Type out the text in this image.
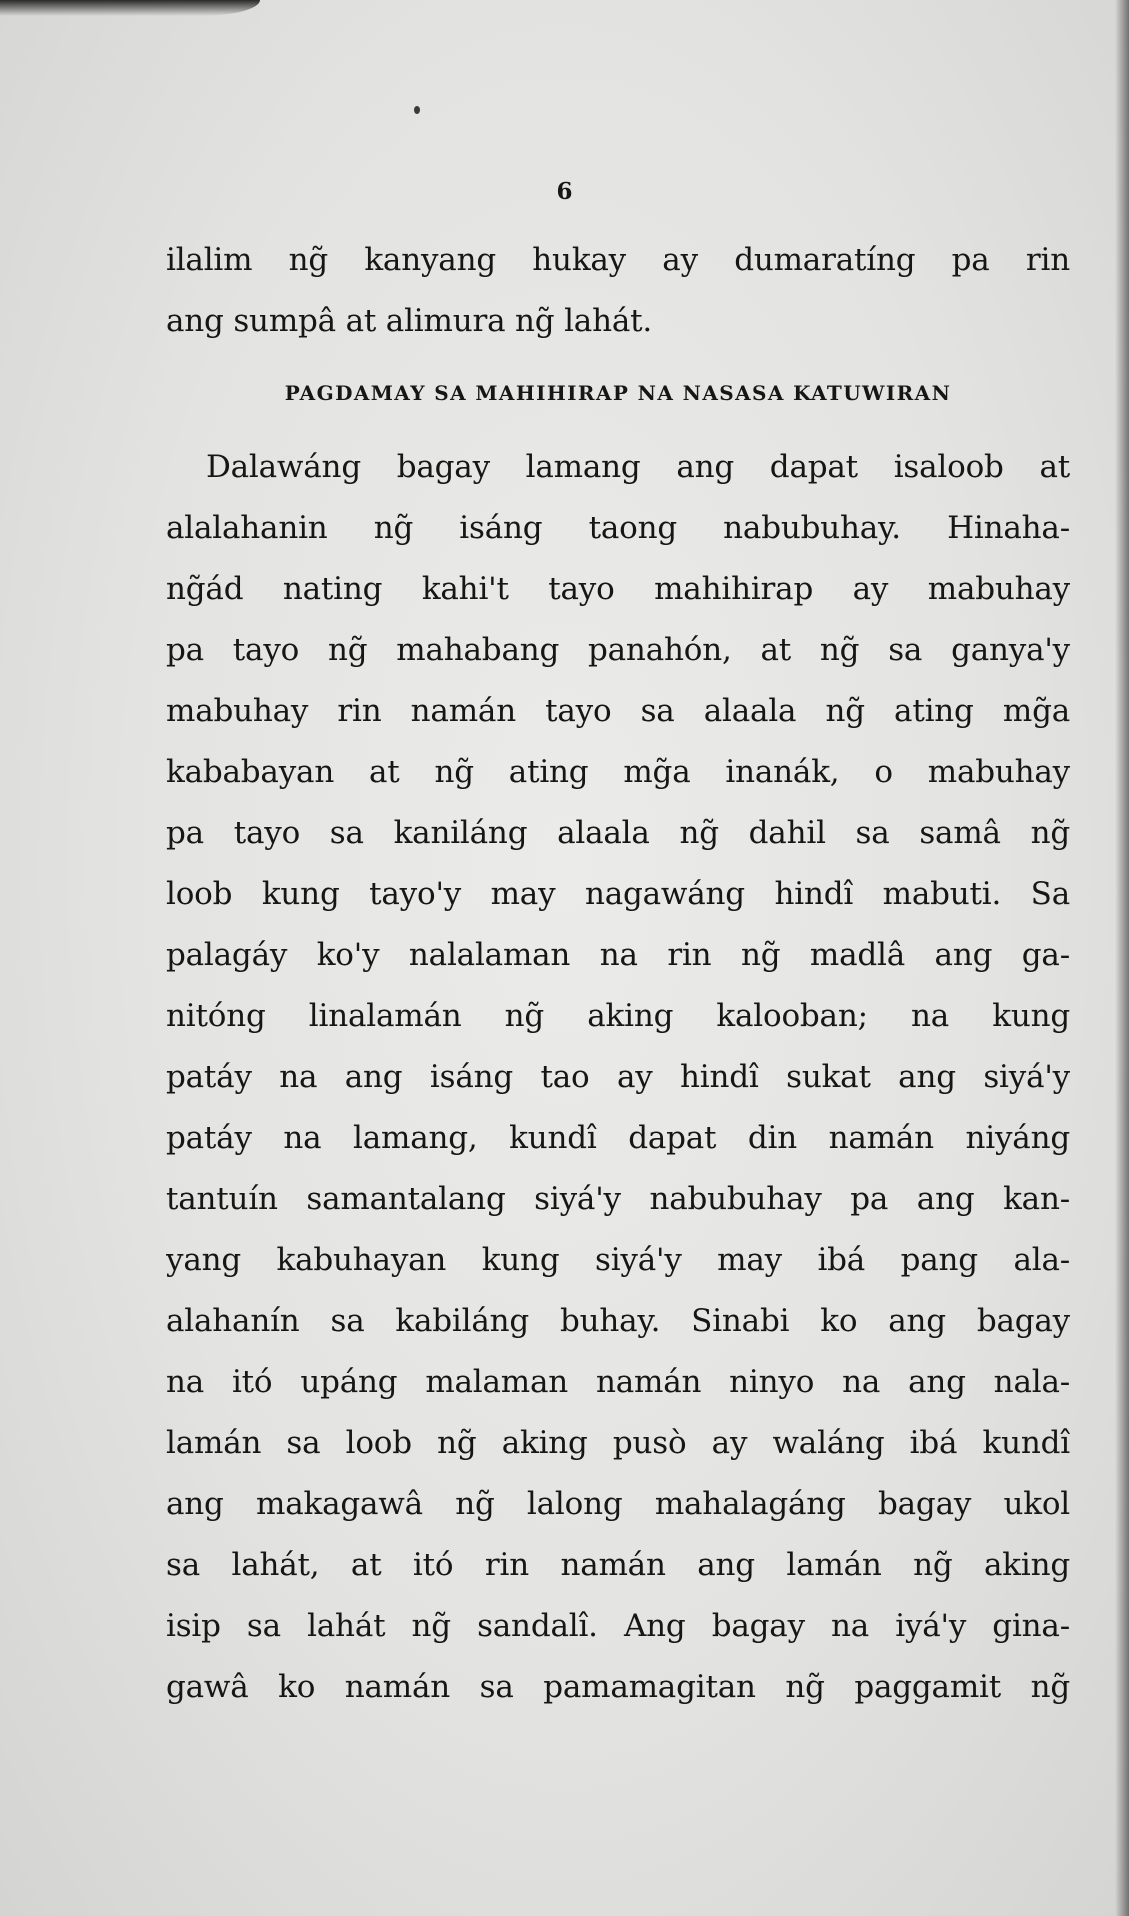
6
ilalim ng̃ kanyang hukay ay dumaratíng pa rin
ang sumpâ at alimura ng̃ lahát.
PAGDAMAY SA MAHIHIRAP NA NASASA KATUWIRAN
Dalawáng bagay lamang ang dapat isaloob at
alalahanin ng̃ isáng taong nabubuhay. Hinaha-
ng̃ád nating kahi't tayo mahihirap ay mabuhay
pa tayo ng̃ mahabang panahón, at ng̃ sa ganya'y
mabuhay rin namán tayo sa alaala ng̃ ating mg̃a
kababayan at ng̃ ating mg̃a inanák, o mabuhay
pa tayo sa kaniláng alaala ng̃ dahil sa samâ ng̃
loob kung tayo'y may nagawáng hindî mabuti. Sa
palagáy ko'y nalalaman na rin ng̃ madlâ ang ga-
nitóng linalamán ng̃ aking kalooban; na kung
patáy na ang isáng tao ay hindî sukat ang siyá'y
patáy na lamang, kundî dapat din namán niyáng
tantuín samantalang siyá'y nabubuhay pa ang kan-
yang kabuhayan kung siyá'y may ibá pang ala-
alahanín sa kabiláng buhay. Sinabi ko ang bagay
na itó upáng malaman namán ninyo na ang nala-
lamán sa loob ng̃ aking pusò ay waláng ibá kundî
ang makagawâ ng̃ lalong mahalagáng bagay ukol
sa lahát, at itó rin namán ang lamán ng̃ aking
isip sa lahát ng̃ sandalî. Ang bagay na iyá'y gina-
gawâ ko namán sa pamamagitan ng̃ paggamit ng̃
